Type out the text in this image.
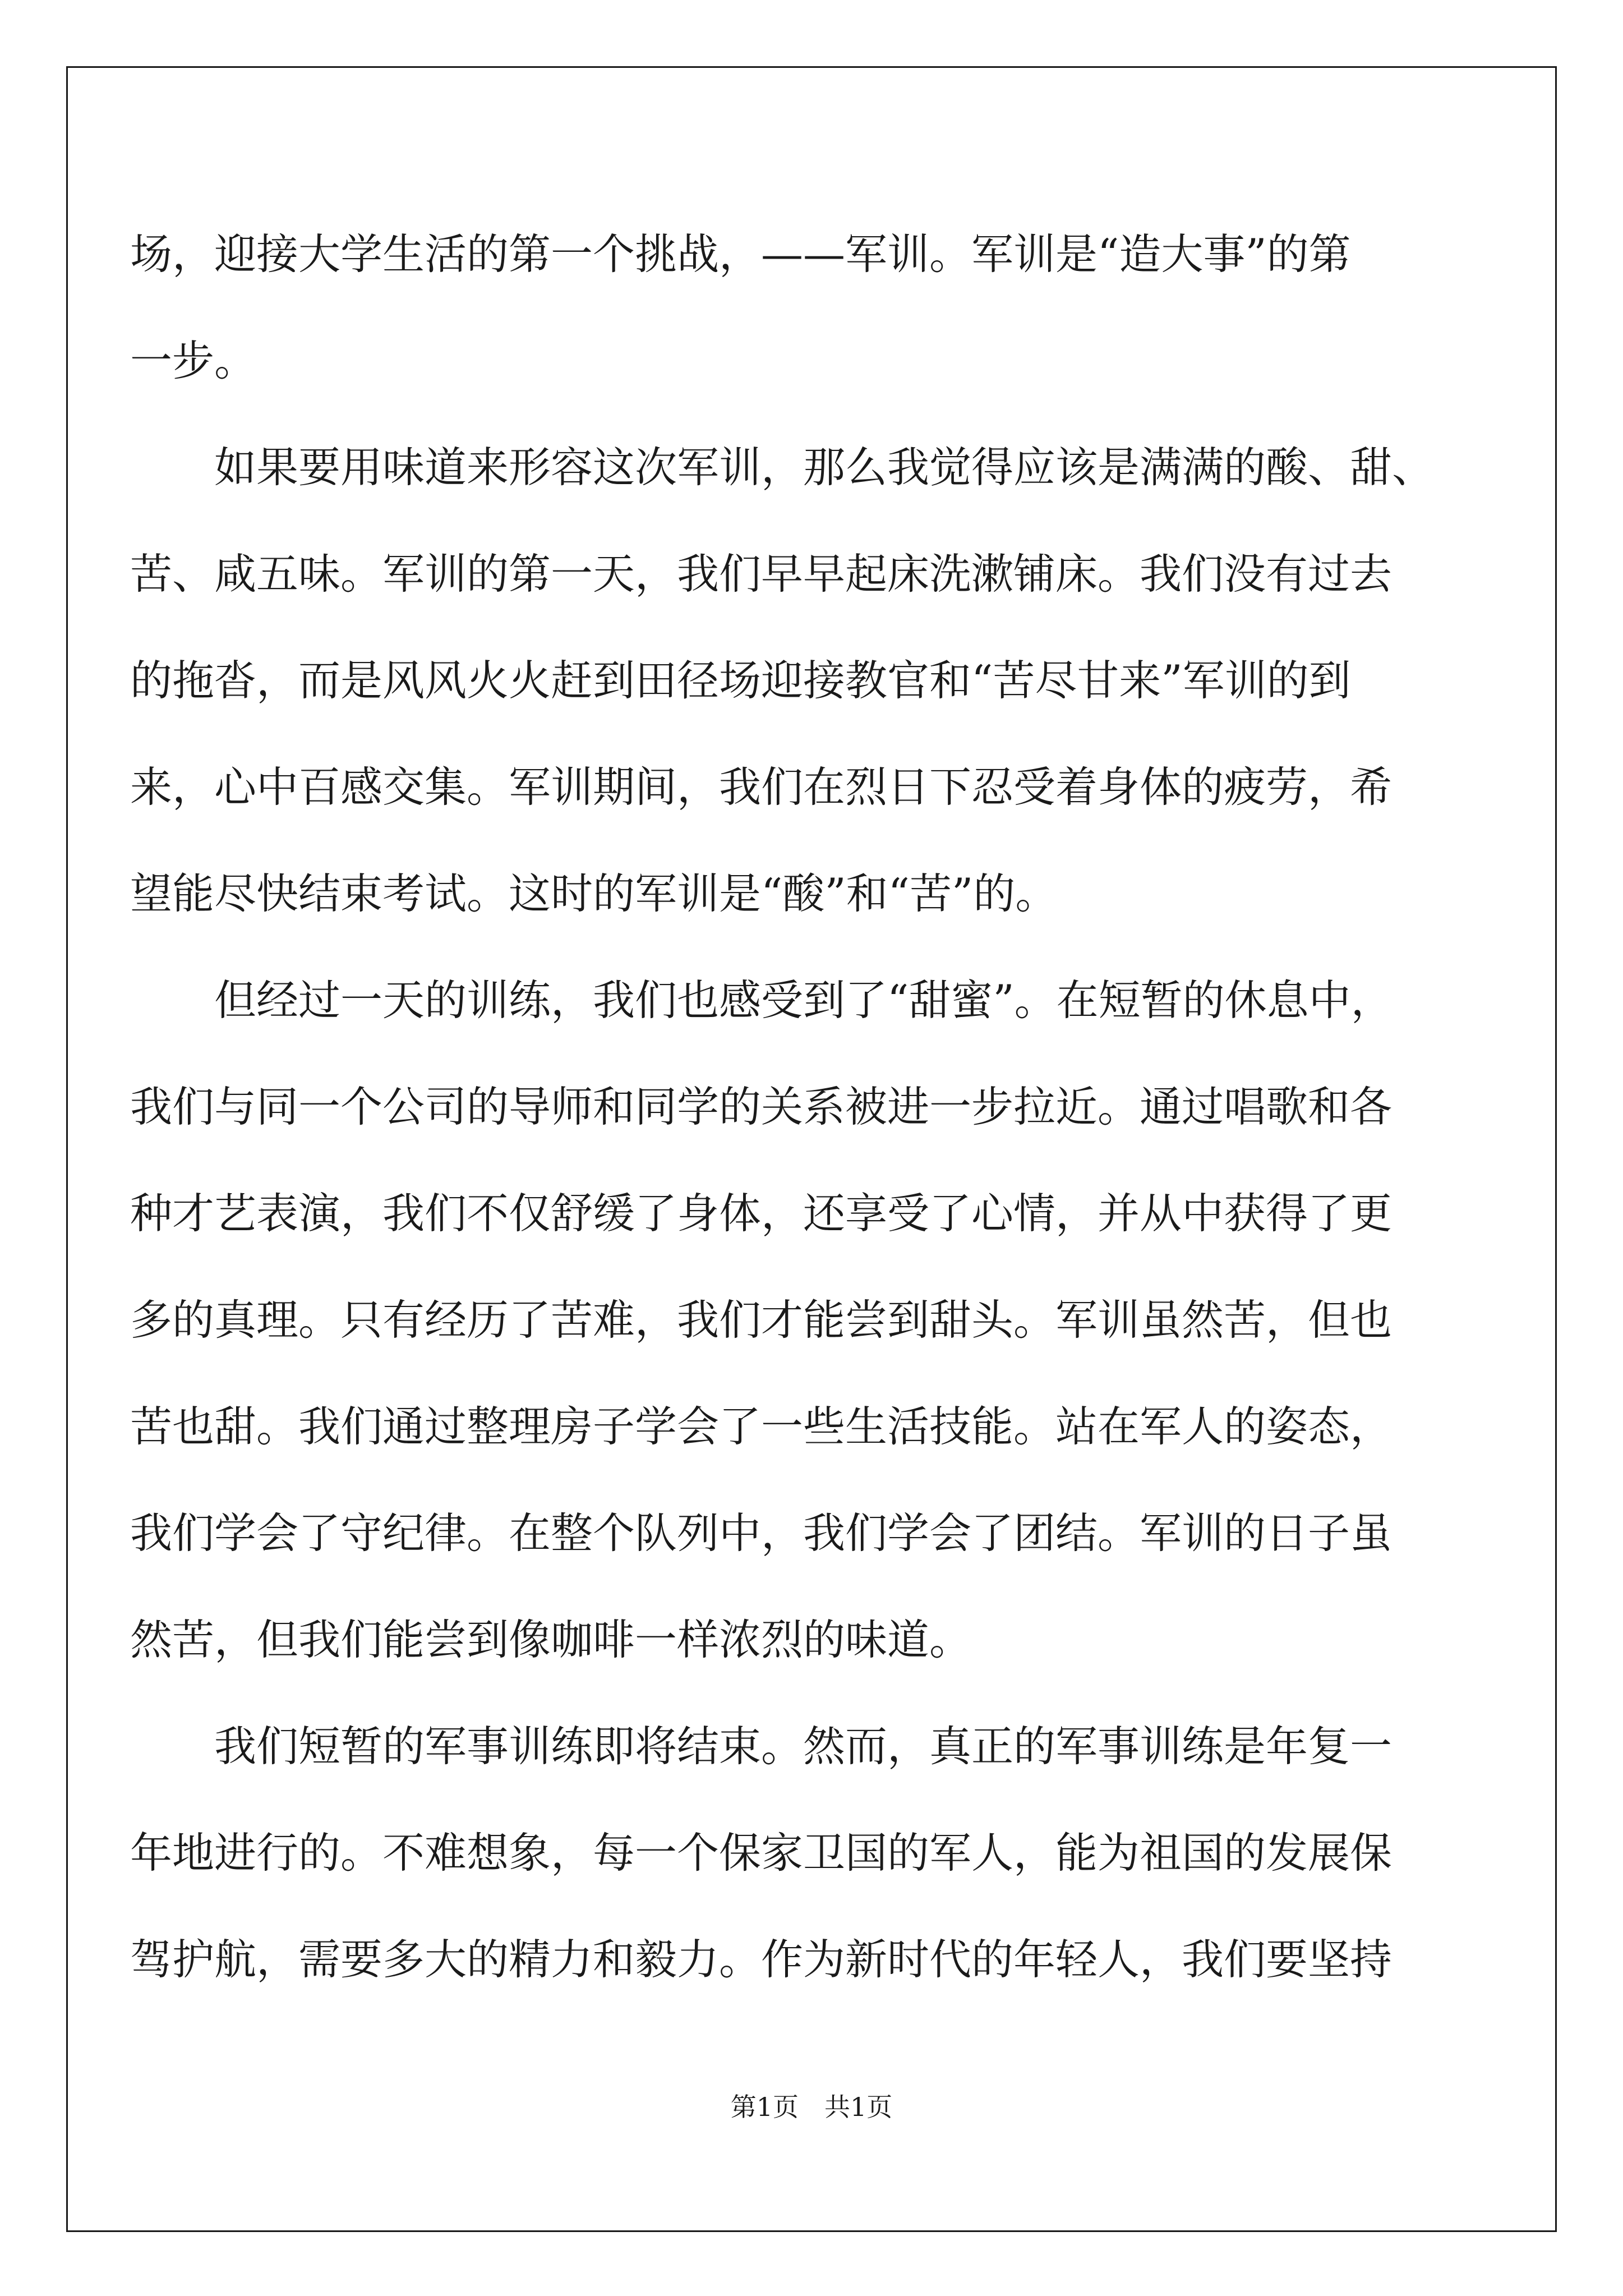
场，迎接大学生活的第一个挑战，——军训。军训是“造大事”的第
一步。
如果要用味道来形容这次军训，那么我觉得应该是满满的酸、甜、
苦、咸五味。军训的第一天，我们早早起床洗漱铺床。我们没有过去
的拖沓，而是风风火火赶到田径场迎接教官和“苦尽甘来”军训的到
来，心中百感交集。军训期间，我们在烈日下忍受着身体的疲劳，希
望能尽快结束考试。这时的军训是“酸”和“苦”的。
但经过一天的训练，我们也感受到了“甜蜜”。在短暂的休息中，
我们与同一个公司的导师和同学的关系被进一步拉近。通过唱歌和各
种才艺表演，我们不仅舒缓了身体，还享受了心情，并从中获得了更
多的真理。只有经历了苦难，我们才能尝到甜头。军训虽然苦，但也
苦也甜。我们通过整理房子学会了一些生活技能。站在军人的姿态，
我们学会了守纪律。在整个队列中，我们学会了团结。军训的日子虽
然苦，但我们能尝到像咖啡一样浓烈的味道。
我们短暂的军事训练即将结束。然而，真正的军事训练是年复一
年地进行的。不难想象，每一个保家卫国的军人，能为祖国的发展保
驾护航，需要多大的精力和毅力。作为新时代的年轻人，我们要坚持
第1页　共1页
